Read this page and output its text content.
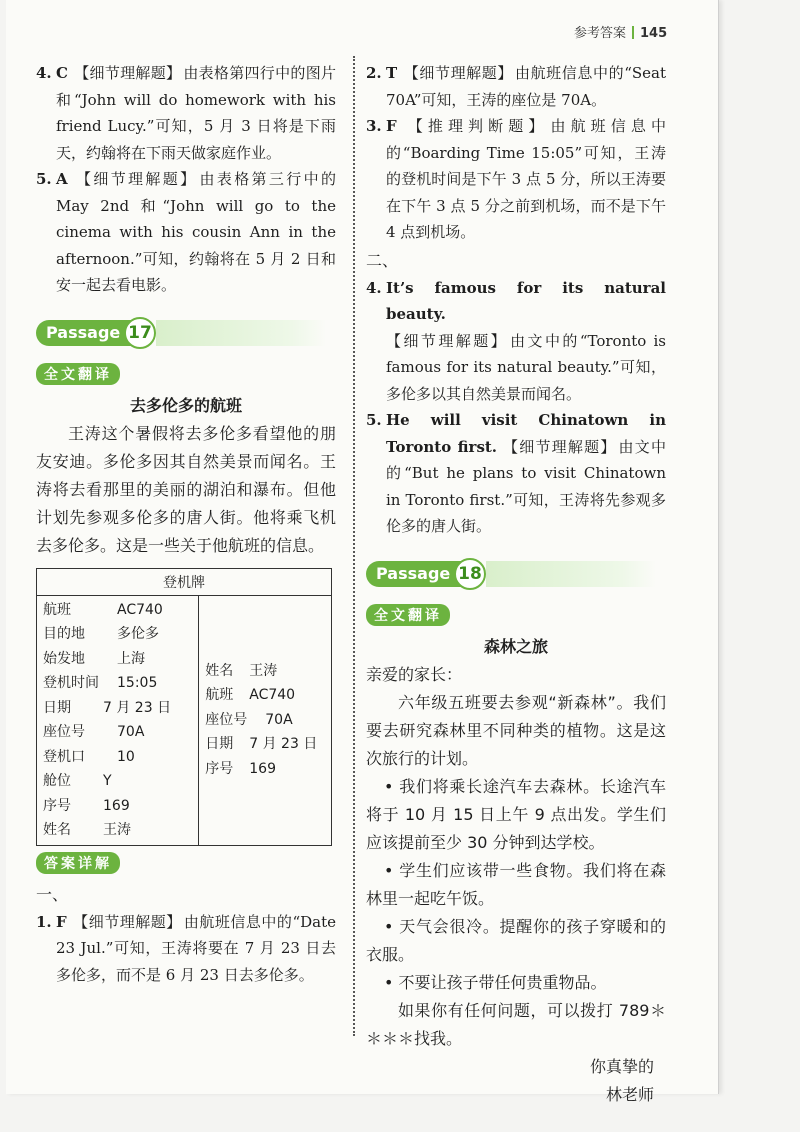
参考答案 145
4. C 【细节理解题】 由表格第四行中的图片和“John will do homework with his friend Lucy.”可知，5 月 3 日将是下雨天，约翰将在下雨天做家庭作业。
5. A 【细节理解题】 由表格第三行中的 May 2nd 和“John will go to the cinema with his cousin Ann in the afternoon.”可知，约翰将在 5 月 2 日和安一起去看电影。
Passage 17
全文翻译
去多伦多的航班

王涛这个暑假将去多伦多看望他的朋友安迪。多伦多因其自然美景而闻名。王涛将去看那里的美丽的湖泊和瀑布。但他计划先参观多伦多的唐人街。他将乘飞机去多伦多。这是一些关于他航班的信息。

登机牌

航班	AC740
目的地 多伦多
始发地 上海
登机时间 15:05
日期 7 月 23 日
座位号 70A
登机口 10
舱位 Y
序号 169
姓名 王涛

姓名 王涛
航班 AC740
座位号 70A
日期 7 月 23 日
序号 169
答案详解
一、
1. F 【细节理解题】 由航班信息中的“Date 23 Jul.”可知，王涛将要在 7 月 23 日去多伦多，而不是 6 月 23 日去多伦多。
2. T 【细节理解题】 由航班信息中的“Seat 70A”可知，王涛的座位是 70A。
3. F 【推理判断题】 由航班信息中的“Boarding Time 15:05”可知，王涛的登机时间是下午 3 点 5 分，所以王涛要在下午 3 点 5 分之前到机场，而不是下午 4 点到机场。
二、
4. It’s famous for its natural beauty.
【细节理解题】 由文中的“Toronto is famous for its natural beauty.”可知，多伦多以其自然美景而闻名。
5. He will visit Chinatown in Toronto first. 【细节理解题】 由文中的“But he plans to visit Chinatown in Toronto first.”可知，王涛将先参观多伦多的唐人街。
Passage 18
全文翻译
森林之旅

亲爱的家长：

六年级五班要去参观“新森林”。我们要去研究森林里不同种类的植物。这是这次旅行的计划。

• 我们将乘长途汽车去森林。长途汽车将于 10 月 15 日上午 9 点出发。学生们应该提前至少 30 分钟到达学校。

• 学生们应该带一些食物。我们将在森林里一起吃午饭。

• 天气会很冷。提醒你的孩子穿暖和的衣服。

• 不要让孩子带任何贵重物品。

如果你有任何问题，可以拨打 789＊＊＊＊找我。

你真挚的

林老师
